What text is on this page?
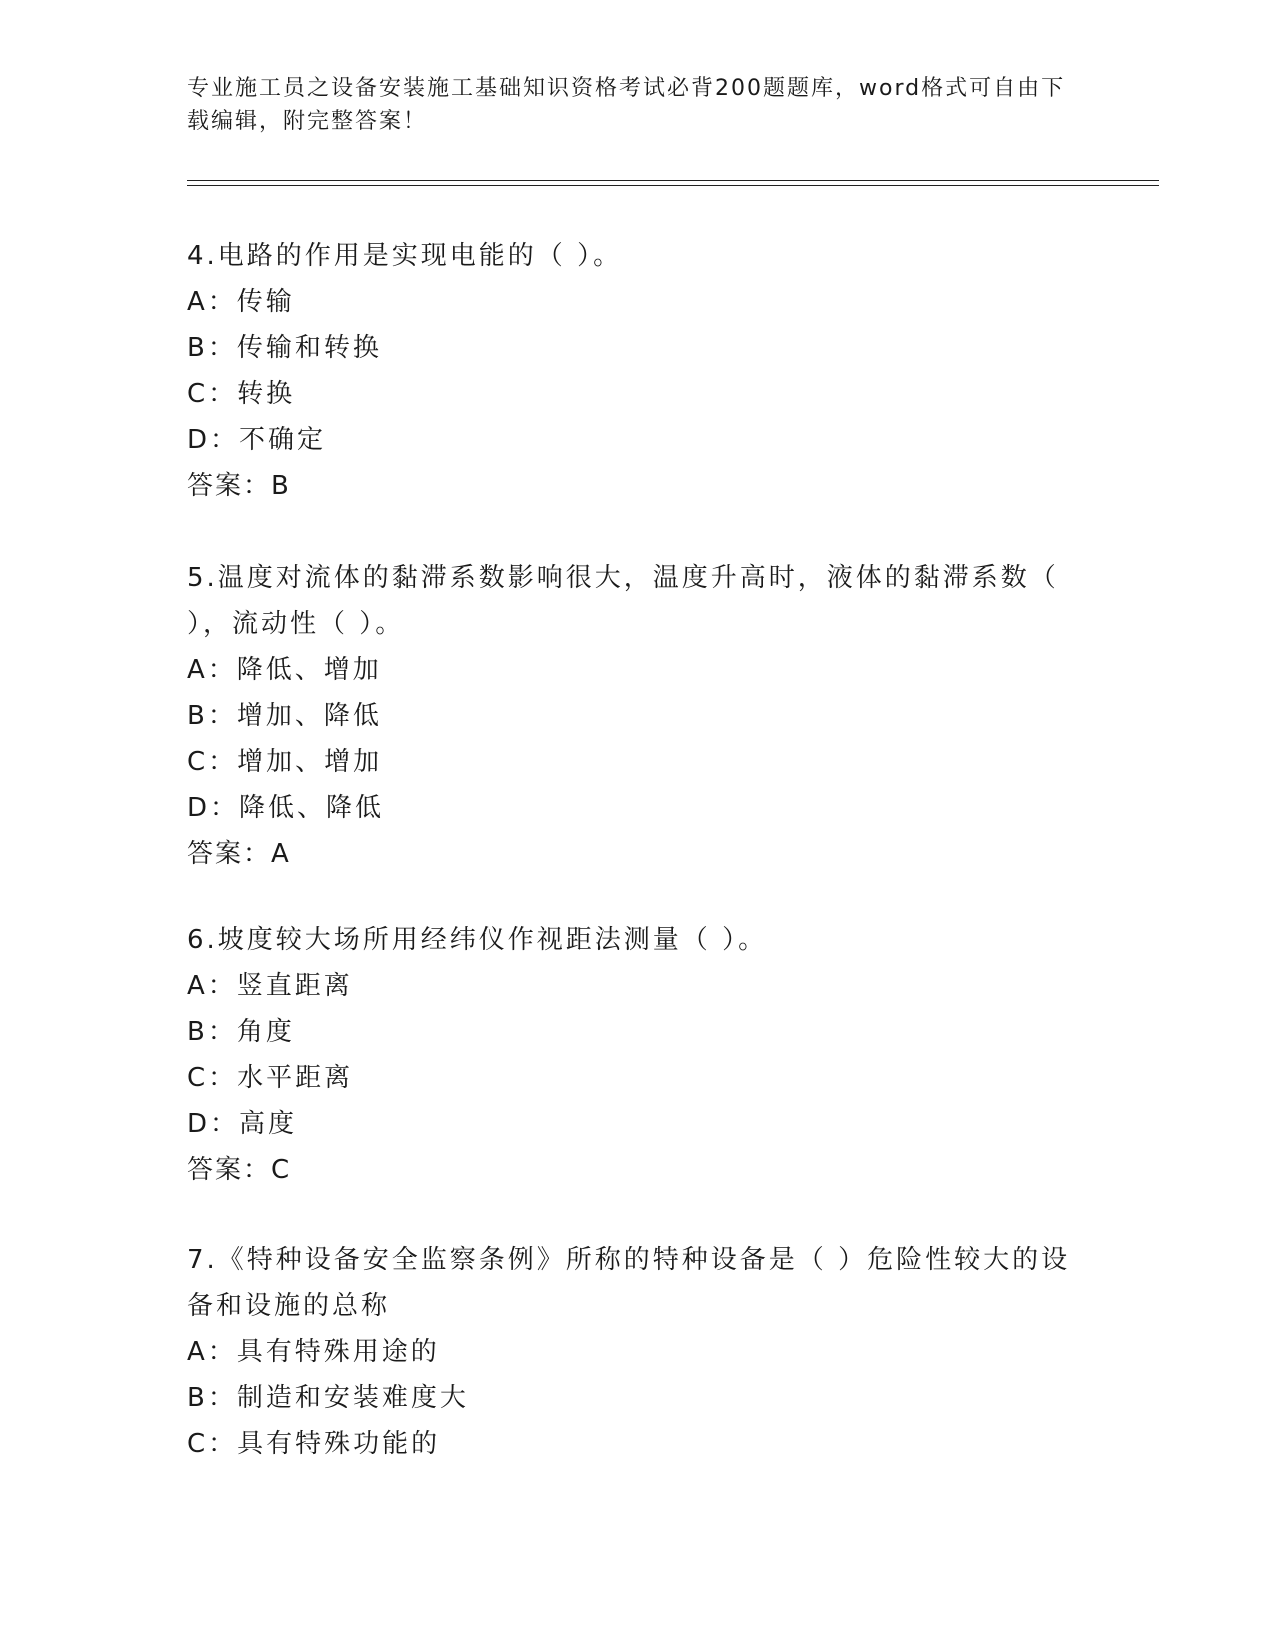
专业施工员之设备安装施工基础知识资格考试必背200题题库，word格式可自由下载编辑，附完整答案！
4.电路的作用是实现电能的（ ）。
A：传输
B：传输和转换
C：转换
D：不确定
答案：B
5.温度对流体的黏滞系数影响很大，温度升高时，液体的黏滞系数（ ），流动性（ ）。
A：降低、增加
B：增加、降低
C：增加、增加
D：降低、降低
答案：A
6.坡度较大场所用经纬仪作视距法测量（ ）。
A：竖直距离
B：角度
C：水平距离
D：高度
答案：C
7.《特种设备安全监察条例》所称的特种设备是（ ）危险性较大的设备和设施的总称
A：具有特殊用途的
B：制造和安装难度大
C：具有特殊功能的
